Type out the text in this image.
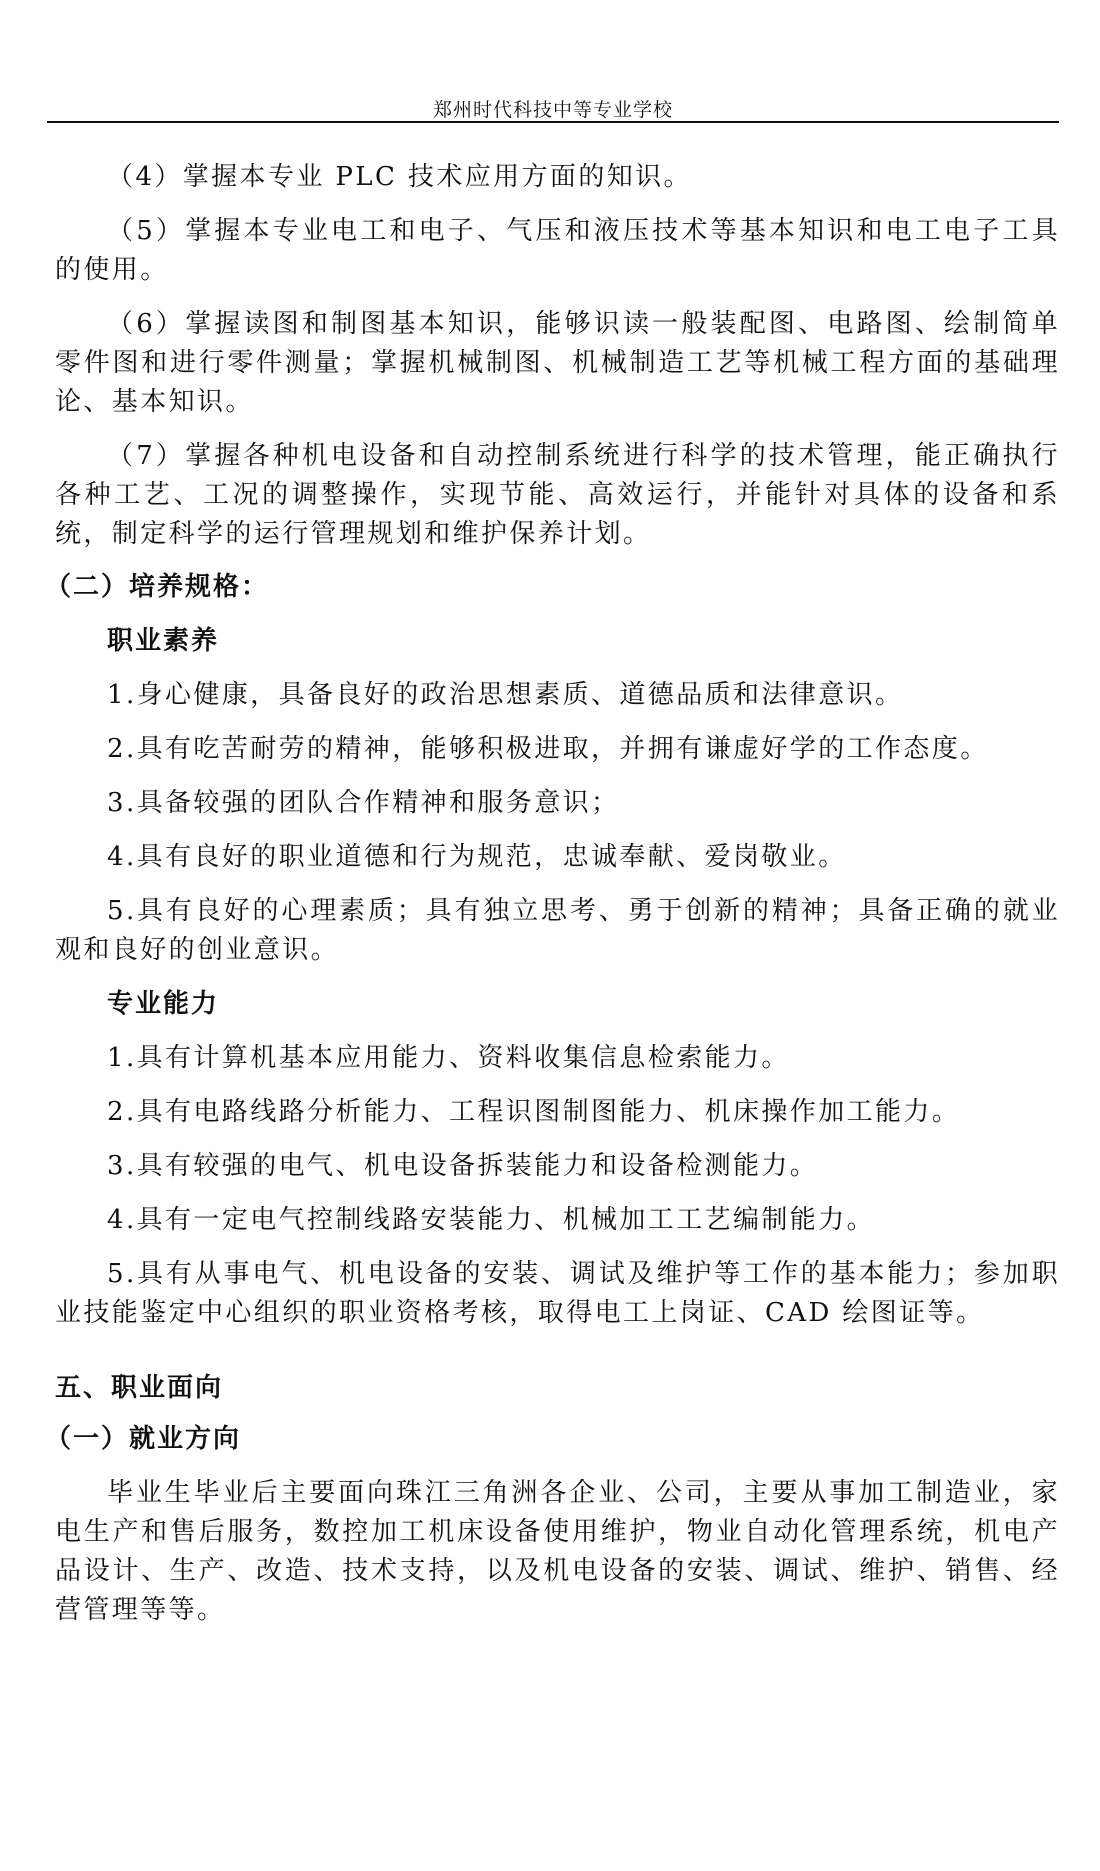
郑州时代科技中等专业学校

（4）掌握本专业 PLC 技术应用方面的知识。

（5）掌握本专业电工和电子、气压和液压技术等基本知识和电工电子工具的使用。

（6）掌握读图和制图基本知识，能够识读一般装配图、电路图、绘制简单零件图和进行零件测量；掌握机械制图、机械制造工艺等机械工程方面的基础理论、基本知识。

（7）掌握各种机电设备和自动控制系统进行科学的技术管理，能正确执行各种工艺、工况的调整操作，实现节能、高效运行，并能针对具体的设备和系统，制定科学的运行管理规划和维护保养计划。

（二）培养规格：
职业素养

1.身心健康，具备良好的政治思想素质、道德品质和法律意识。

2.具有吃苦耐劳的精神，能够积极进取，并拥有谦虚好学的工作态度。

3.具备较强的团队合作精神和服务意识；

4.具有良好的职业道德和行为规范，忠诚奉献、爱岗敬业。

5.具有良好的心理素质；具有独立思考、勇于创新的精神；具备正确的就业观和良好的创业意识。

专业能力

1.具有计算机基本应用能力、资料收集信息检索能力。

2.具有电路线路分析能力、工程识图制图能力、机床操作加工能力。

3.具有较强的电气、机电设备拆装能力和设备检测能力。

4.具有一定电气控制线路安装能力、机械加工工艺编制能力。

5.具有从事电气、机电设备的安装、调试及维护等工作的基本能力；参加职业技能鉴定中心组织的职业资格考核，取得电工上岗证、CAD 绘图证等。

五、职业面向
（一）就业方向

毕业生毕业后主要面向珠江三角洲各企业、公司，主要从事加工制造业，家电生产和售后服务，数控加工机床设备使用维护，物业自动化管理系统，机电产品设计、生产、改造、技术支持，以及机电设备的安装、调试、维护、销售、经营管理等等。
